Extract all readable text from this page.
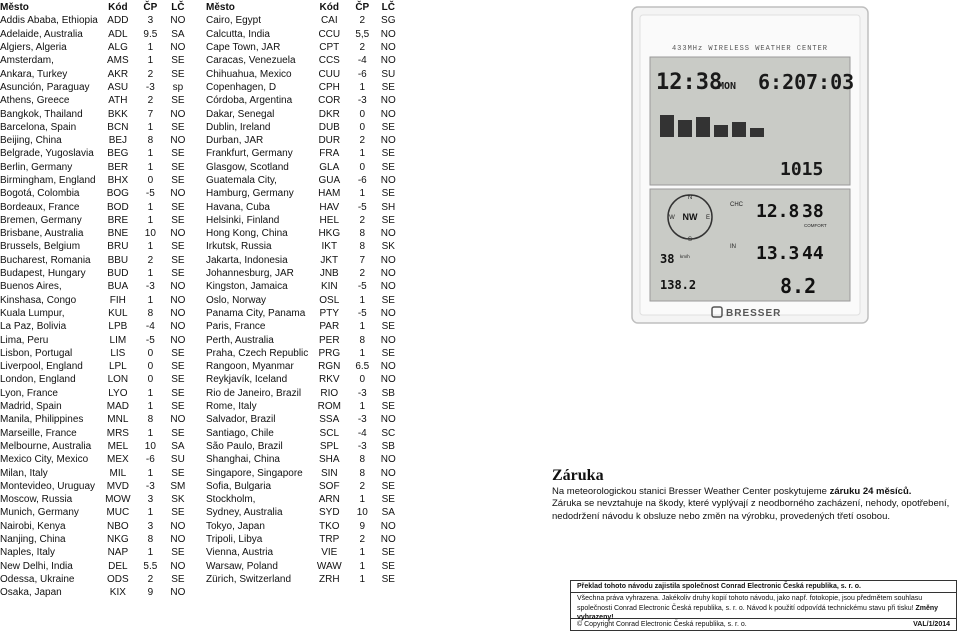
Město	Kód	ČP	LČ
Addis Ababa, Ethiopia	ADD	3	NO
Adelaide, Australia	ADL	9.5	SA
Algiers, Algeria	ALG	1	NO
Amsterdam,	AMS	1	SE
Ankara, Turkey	AKR	2	SE
Asunción, Paraguay	ASU	-3	sp
Athens, Greece	ATH	2	SE
Bangkok, Thailand	BKK	7	NO
Barcelona, Spain	BCN	1	SE
Beijing, China	BEJ	8	NO
Belgrade, Yugoslavia	BEG	1	SE
Berlin, Germany	BER	1	SE
Birmingham, England	BHX	0	SE
Bogotá, Colombia	BOG	-5	NO
Bordeaux, France	BOD	1	SE
Bremen, Germany	BRE	1	SE
Brisbane, Australia	BNE	10	NO
Brussels, Belgium	BRU	1	SE
Bucharest, Romania	BBU	2	SE
Budapest, Hungary	BUD	1	SE
Buenos Aires,	BUA	-3	NO
Kinshasa, Congo	FIH	1	NO
Kuala Lumpur,	KUL	8	NO
La Paz, Bolivia	LPB	-4	NO
Lima, Peru	LIM	-5	NO
Lisbon, Portugal	LIS	0	SE
Liverpool, England	LPL	0	SE
London, England	LON	0	SE
Lyon, France	LYO	1	SE
Madrid, Spain	MAD	1	SE
Manila, Philippines	MNL	8	NO
Marseille, France	MRS	1	SE
Melbourne, Australia	MEL	10	SA
Mexico City, Mexico	MEX	-6	SU
Milan, Italy	MIL	1	SE
Montevideo, Uruguay	MVD	-3	SM
Moscow, Russia	MOW	3	SK
Munich, Germany	MUC	1	SE
Nairobi, Kenya	NBO	3	NO
Nanjing, China	NKG	8	NO
Naples, Italy	NAP	1	SE
New Delhi, India	DEL	5.5	NO
Odessa, Ukraine	ODS	2	SE
Osaka, Japan	KIX	9	NO
Město	Kód	ČP	LČ
Cairo, Egypt	CAI	2	SG
Calcutta, India	CCU	5,5	NO
Cape Town, JAR	CPT	2	NO
Caracas, Venezuela	CCS	-4	NO
Chihuahua, Mexico	CUU	-6	SU
Copenhagen, D	CPH	1	SE
Córdoba, Argentina	COR	-3	NO
Dakar, Senegal	DKR	0	NO
Dublin, Ireland	DUB	0	SE
Durban, JAR	DUR	2	NO
Frankfurt, Germany	FRA	1	SE
Glasgow, Scotland	GLA	0	SE
Guatemala City,	GUA	-6	NO
Hamburg, Germany	HAM	1	SE
Havana, Cuba	HAV	-5	SH
Helsinki, Finland	HEL	2	SE
Hong Kong, China	HKG	8	NO
Irkutsk, Russia	IKT	8	SK
Jakarta, Indonesia	JKT	7	NO
Johannesburg, JAR	JNB	2	NO
Kingston, Jamaica	KIN	-5	NO
Oslo, Norway	OSL	1	SE
Panama City, Panama	PTY	-5	NO
Paris, France	PAR	1	SE
Perth, Australia	PER	8	NO
Praha, Czech Republic	PRG	1	SE
Rangoon, Myanmar	RGN	6.5	NO
Reykjavík, Iceland	RKV	0	NO
Rio de Janeiro, Brazil	RIO	-3	SB
Rome, Italy	ROM	1	SE
Salvador, Brazil	SSA	-3	NO
Santiago, Chile	SCL	-4	SC
São Paulo, Brazil	SPL	-3	SB
Shanghai, China	SHA	8	NO
Singapore, Singapore	SIN	8	NO
Sofia, Bulgaria	SOF	2	SE
Stockholm,	ARN	1	SE
Sydney, Australia	SYD	10	SA
Tokyo, Japan	TKO	9	NO
Tripoli, Libya	TRP	2	NO
Vienna, Austria	VIE	1	SE
Warsaw, Poland	WAW	1	SE
Zürich, Switzerland	ZRH	1	SE
433MHz WIRELESS WEATHER CENTER
12:38
MON 6:20 7:03
1015
N
S
W	E
NW
CHC 12.8 38
COMFORT
IN 13.3 44
38 km/h
138.2	8.2
BRESSER
Záruka

Na meteorologickou stanici Bresser Weather Center poskytujeme záruku 24 měsíců.

Záruka se nevztahuje na škody, které vyplývají z neodborného zacházení, nehody, opotřebení, nedodržení návodu k obsluze nebo změn na výrobku, provedených třetí osobou.

Překlad tohoto návodu zajistila společnost Conrad Electronic Česká republika, s. r. o.
Všechna práva vyhrazena. Jakékoliv druhy kopií tohoto návodu, jako např. fotokopie, jsou předmětem souhlasu společnosti Conrad Electronic Česká republika, s. r. o. Návod k použití odpovídá technickému stavu při tisku! Změny vyhrazeny!
© Copyright Conrad Electronic Česká republika, s. r. o.	VAL/1/2014
